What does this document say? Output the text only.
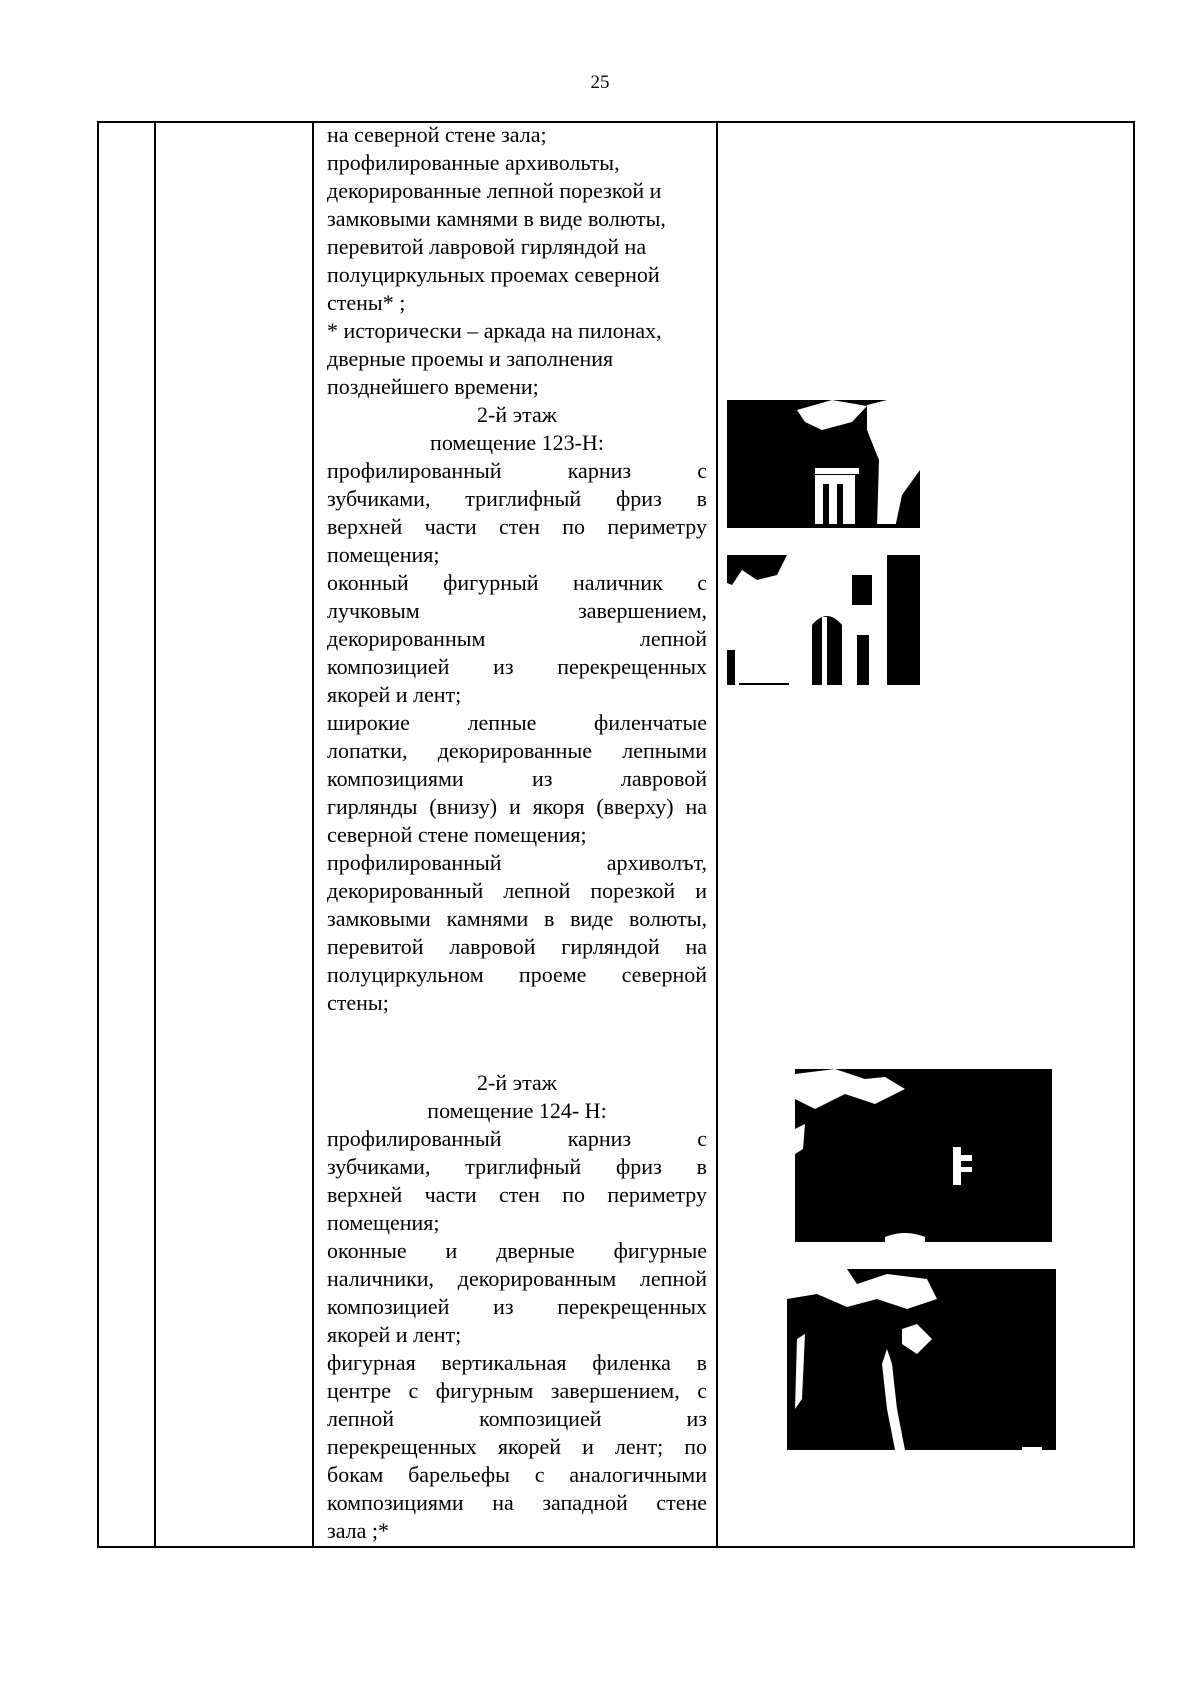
25
на северной стене зала;
профилированные архивольты,
декорированные лепной порезкой и
замковыми камнями в виде волюты,
перевитой лавровой гирляндой на
полуциркульных проемах северной
стены* ;
* исторически – аркада на пилонах,
дверные проемы и заполнения
позднейшего времени;
2-й этаж
помещение 123-Н:
профилированный карниз с
зубчиками, триглифный фриз в
верхней части стен по периметру
помещения;
оконный фигурный наличник с
лучковым завершением,
декорированным лепной
композицией из перекрещенных
якорей и лент;
широкие лепные филенчатые
лопатки, декорированные лепными
композициями из лавровой
гирлянды (внизу) и якоря (вверху) на
северной стене помещения;
профилированный архиволът,
декорированный лепной порезкой и
замковыми камнями в виде волюты,
перевитой лавровой гирляндой на
полуциркульном проеме северной
стены;
2-й этаж
помещение 124- Н:
профилированный карниз с
зубчиками, триглифный фриз в
верхней части стен по периметру
помещения;
оконные и дверные фигурные
наличники, декорированным лепной
композицией из перекрещенных
якорей и лент;
фигурная вертикальная филенка в
центре с фигурным завершением, с
лепной композицией из
перекрещенных якорей и лент; по
бокам барельефы с аналогичными
композициями на западной стене
зала ;*
